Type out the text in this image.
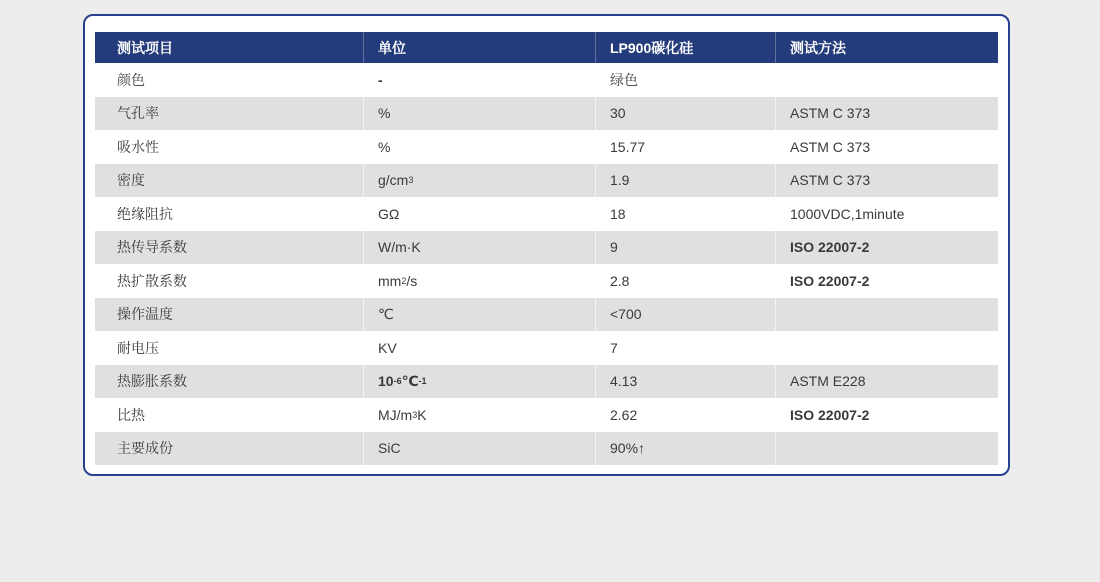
测试项目	单位	LP900碳化硅	测试方法
颜色	-	绿色
气孔率	%	30	ASTM C 373
吸水性	%	15.77	ASTM C 373
密度	g/cm 3	1.9	ASTM C 373
绝缘阻抗	GΩ	18	1000VDC,1minute
热传导系数	W/m·K	9	ISO 22007-2
热扩散系数	mm 2 /s	2.8	ISO 22007-2
操作温度	℃	<700
耐电压	KV	7
热膨胀系数	10 -6 ℃ -1	4.13	ASTM E228
比热	MJ/m 3 K	2.62	ISO 22007-2
主要成份	SiC	90%↑
